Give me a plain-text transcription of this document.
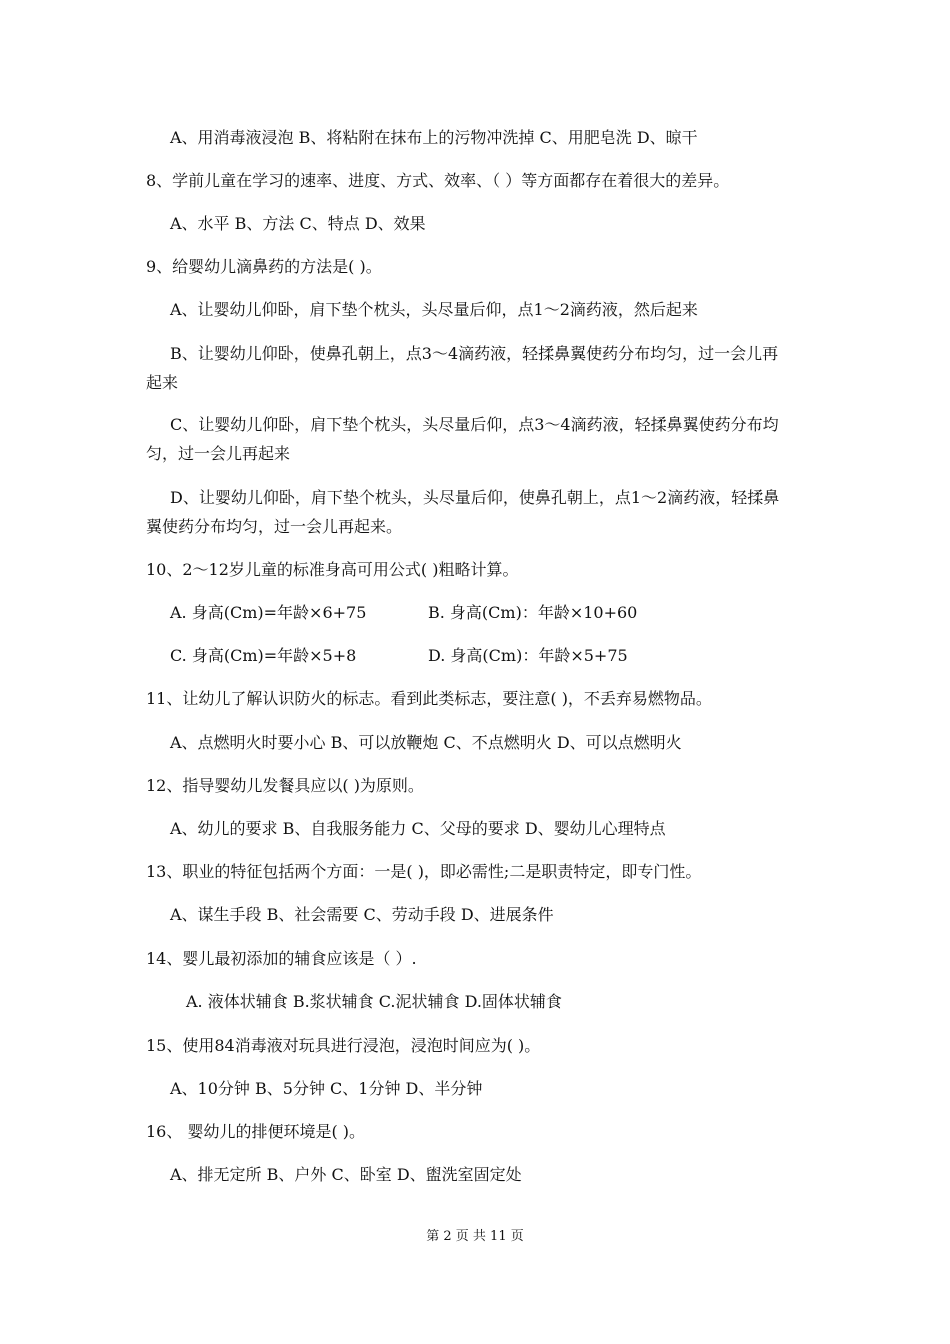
A、用消毒液浸泡 B、将粘附在抹布上的污物冲洗掉 C、用肥皂洗 D、晾干
8、学前儿童在学习的速率、进度、方式、效率、（ ）等方面都存在着很大的差异。
A、水平 B、方法 C、特点 D、效果
9、给婴幼儿滴鼻药的方法是( )。
A、让婴幼儿仰卧，肩下垫个枕头，头尽量后仰，点1～2滴药液，然后起来
B、让婴幼儿仰卧，使鼻孔朝上，点3～4滴药液，轻揉鼻翼使药分布均匀，过一会儿再
起来
C、让婴幼儿仰卧，肩下垫个枕头，头尽量后仰，点3～4滴药液，轻揉鼻翼使药分布均
匀，过一会儿再起来
D、让婴幼儿仰卧，肩下垫个枕头，头尽量后仰，使鼻孔朝上，点1～2滴药液，轻揉鼻
翼使药分布均匀，过一会儿再起来。
10、2～12岁儿童的标准身高可用公式( )粗略计算。
A. 身高(Cm)=年龄×6+75	B. 身高(Cm)：年龄×10+60
C. 身高(Cm)=年龄×5+8	D. 身高(Cm)：年龄×5+75
11、让幼儿了解认识防火的标志。看到此类标志，要注意( )，不丢弃易燃物品。
A、点燃明火时要小心 B、可以放鞭炮 C、不点燃明火 D、可以点燃明火
12、指导婴幼儿发餐具应以( )为原则。
A、幼儿的要求 B、自我服务能力 C、父母的要求 D、婴幼儿心理特点
13、职业的特征包括两个方面：一是( )，即必需性;二是职责特定，即专门性。
A、谋生手段 B、社会需要 C、劳动手段 D、进展条件
14、婴儿最初添加的辅食应该是（ ）.
A. 液体状辅食 B.浆状辅食 C.泥状辅食 D.固体状辅食
15、使用84消毒液对玩具进行浸泡，浸泡时间应为( )。
A、10分钟 B、5分钟 C、1分钟 D、半分钟
16、 婴幼儿的排便环境是( )。
A、排无定所 B、户外 C、卧室 D、盥洗室固定处
第 2 页 共 11 页
